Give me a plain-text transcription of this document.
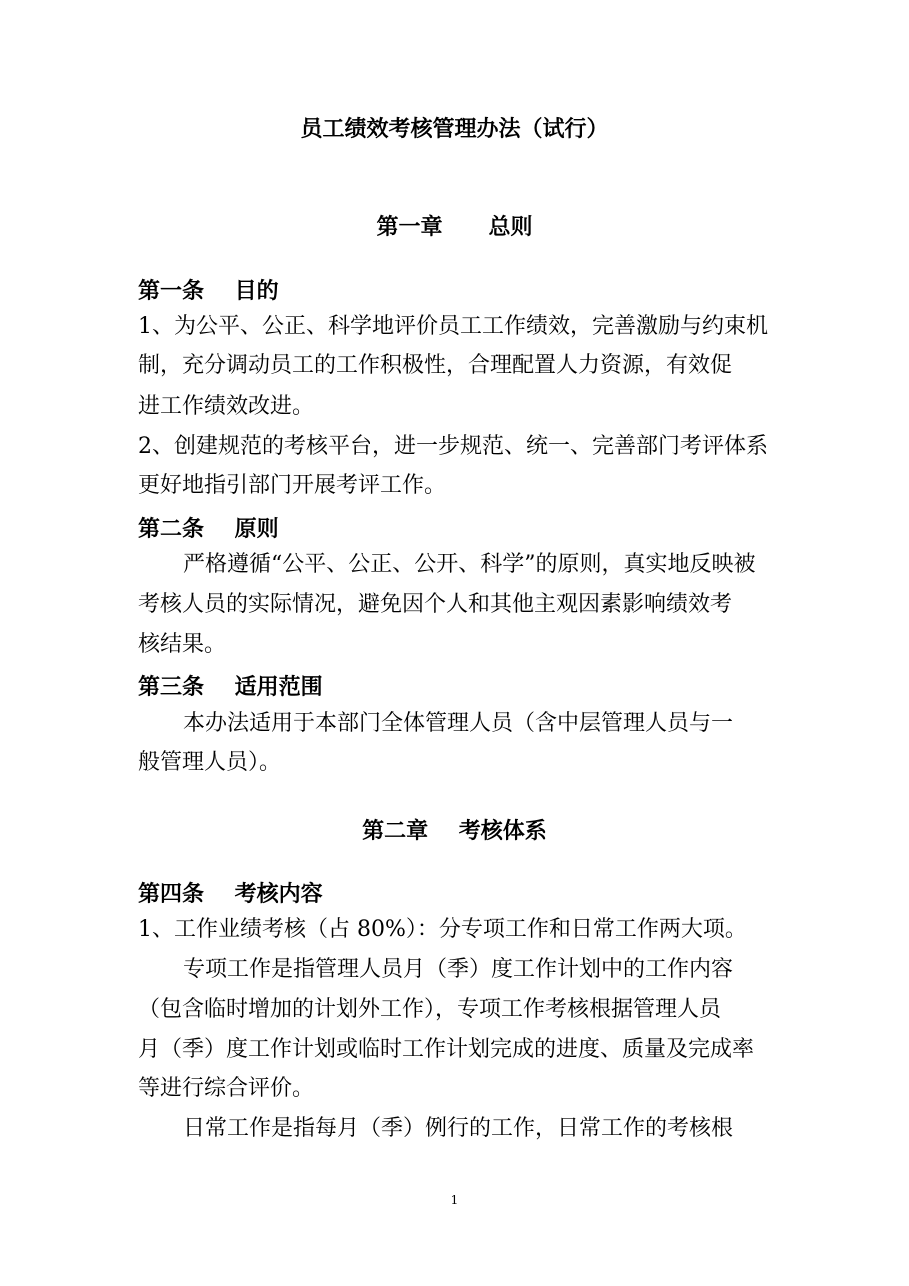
员工绩效考核管理办法（试行）
第一章      总则
第一条    目的
1、为公平、公正、科学地评价员工工作绩效，完善激励与约束机
制，充分调动员工的工作积极性，合理配置人力资源，有效促
进工作绩效改进。
2、创建规范的考核平台，进一步规范、统一、完善部门考评体系
更好地指引部门开展考评工作。
第二条    原则
严格遵循“公平、公正、公开、科学”的原则，真实地反映被
考核人员的实际情况，避免因个人和其他主观因素影响绩效考
核结果。
第三条    适用范围
本办法适用于本部门全体管理人员（含中层管理人员与一
般管理人员）。
第二章    考核体系
第四条    考核内容
1、工作业绩考核（占 80%）：分专项工作和日常工作两大项。
专项工作是指管理人员月（季）度工作计划中的工作内容
（包含临时增加的计划外工作），专项工作考核根据管理人员
月（季）度工作计划或临时工作计划完成的进度、质量及完成率
等进行综合评价。
日常工作是指每月（季）例行的工作，日常工作的考核根
1
